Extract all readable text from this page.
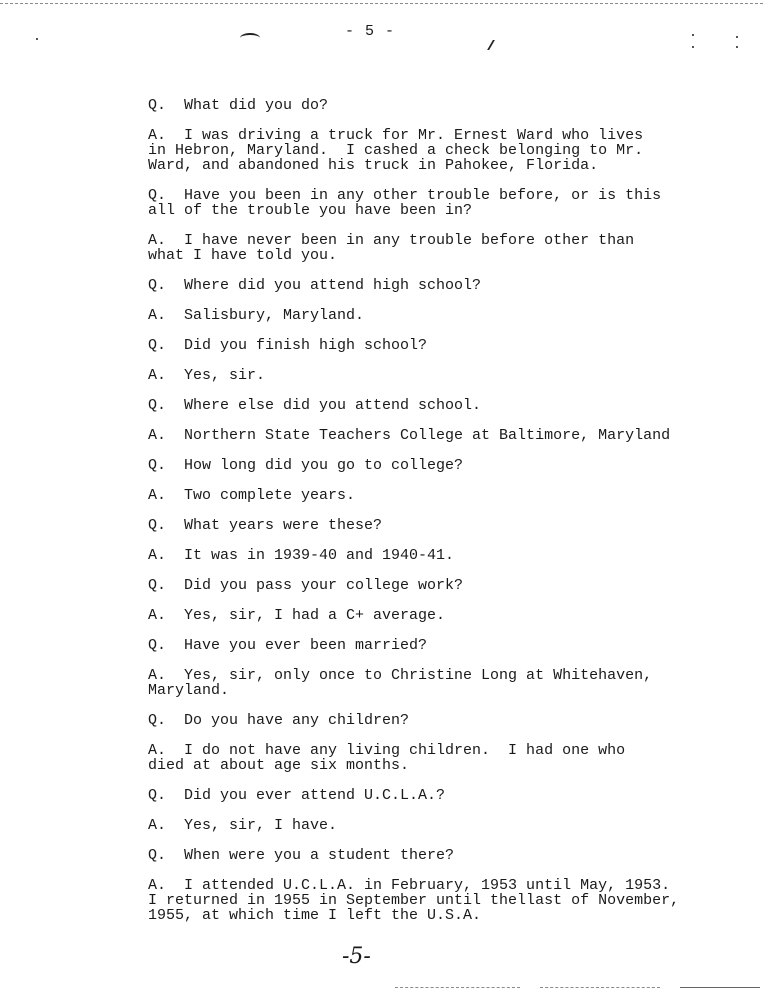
- 5 -

Q.  What did you do?

A.  I was driving a truck for Mr. Ernest Ward who lives
in Hebron, Maryland.  I cashed a check belonging to Mr.
Ward, and abandoned his truck in Pahokee, Florida.

Q.  Have you been in any other trouble before, or is this
all of the trouble you have been in?

A.  I have never been in any trouble before other than
what I have told you.

Q.  Where did you attend high school?

A.  Salisbury, Maryland.

Q.  Did you finish high school?

A.  Yes, sir.

Q.  Where else did you attend school.

A.  Northern State Teachers College at Baltimore, Maryland

Q.  How long did you go to college?

A.  Two complete years.

Q.  What years were these?

A.  It was in 1939-40 and 1940-41.

Q.  Did you pass your college work?

A.  Yes, sir, I had a C+ average.

Q.  Have you ever been married?

A.  Yes, sir, only once to Christine Long at Whitehaven,
Maryland.

Q.  Do you have any children?

A.  I do not have any living children.  I had one who
died at about age six months.

Q.  Did you ever attend U.C.L.A.?

A.  Yes, sir, I have.

Q.  When were you a student there?

A.  I attended U.C.L.A. in February, 1953 until May, 1953.
I returned in 1955 in September until thellast of November,
1955, at which time I left the U.S.A.

-5-
